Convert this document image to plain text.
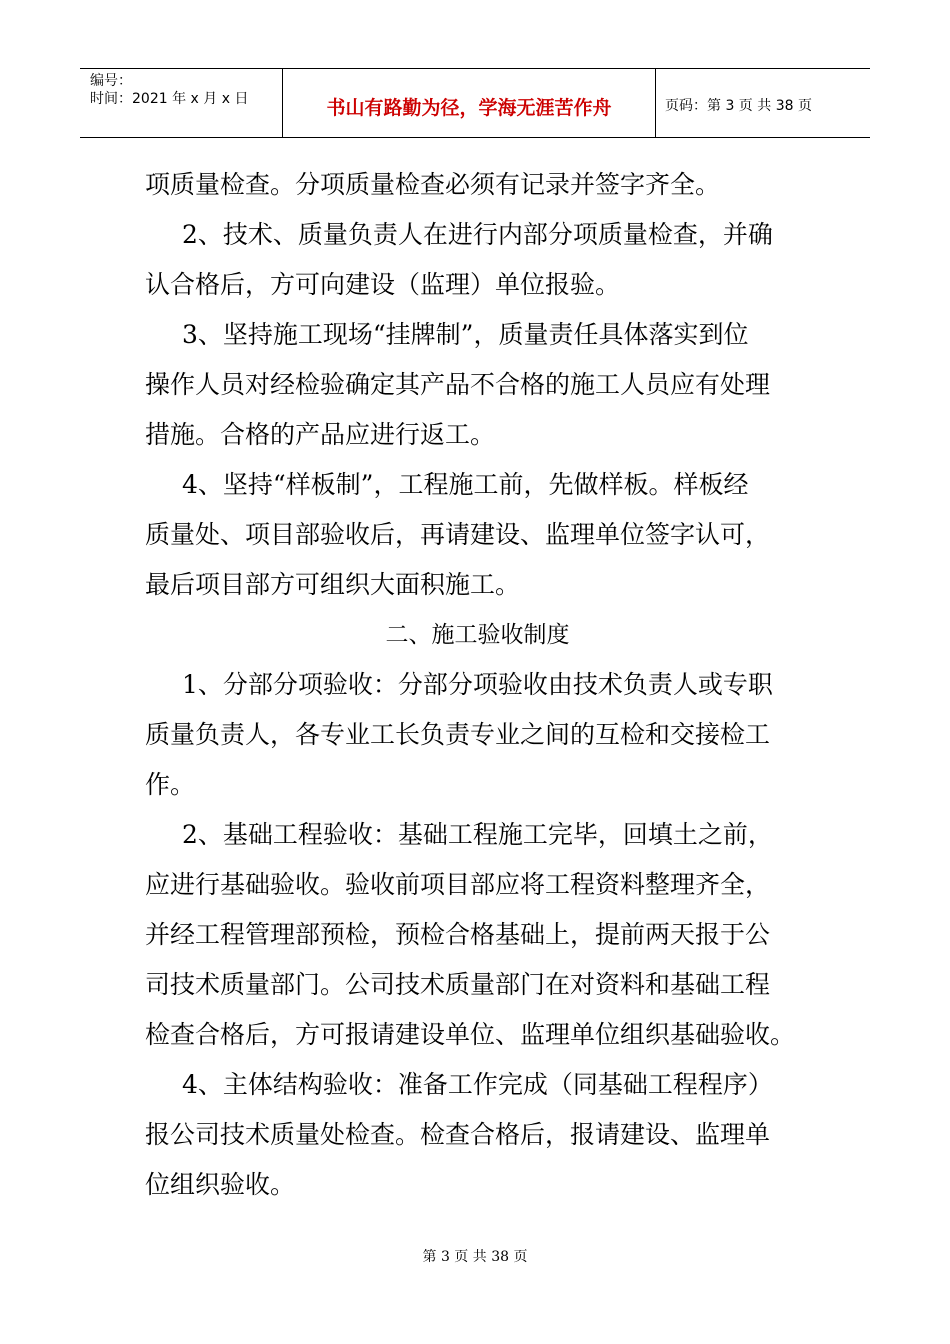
编号：
时间：2021 年 x 月 x 日	书山有路勤为径，学海无涯苦作舟	页码：第 3 页 共 38 页
项质量检查。分项质量检查必须有记录并签字齐全。
2、技术、质量负责人在进行内部分项质量检查，并确
认合格后，方可向建设（监理）单位报验。
3、坚持施工现场“挂牌制”，质量责任具体落实到位
操作人员对经检验确定其产品不合格的施工人员应有处理
措施。合格的产品应进行返工。
4、坚持“样板制”，工程施工前，先做样板。样板经
质量处、项目部验收后，再请建设、监理单位签字认可，
最后项目部方可组织大面积施工。
二、施工验收制度
1、分部分项验收：分部分项验收由技术负责人或专职
质量负责人，各专业工长负责专业之间的互检和交接检工
作。
2、基础工程验收：基础工程施工完毕，回填土之前，
应进行基础验收。验收前项目部应将工程资料整理齐全，
并经工程管理部预检，预检合格基础上，提前两天报于公
司技术质量部门。公司技术质量部门在对资料和基础工程
检查合格后，方可报请建设单位、监理单位组织基础验收。
4、主体结构验收：准备工作完成（同基础工程程序）
报公司技术质量处检查。检查合格后，报请建设、监理单
位组织验收。
第 3 页 共 38 页
